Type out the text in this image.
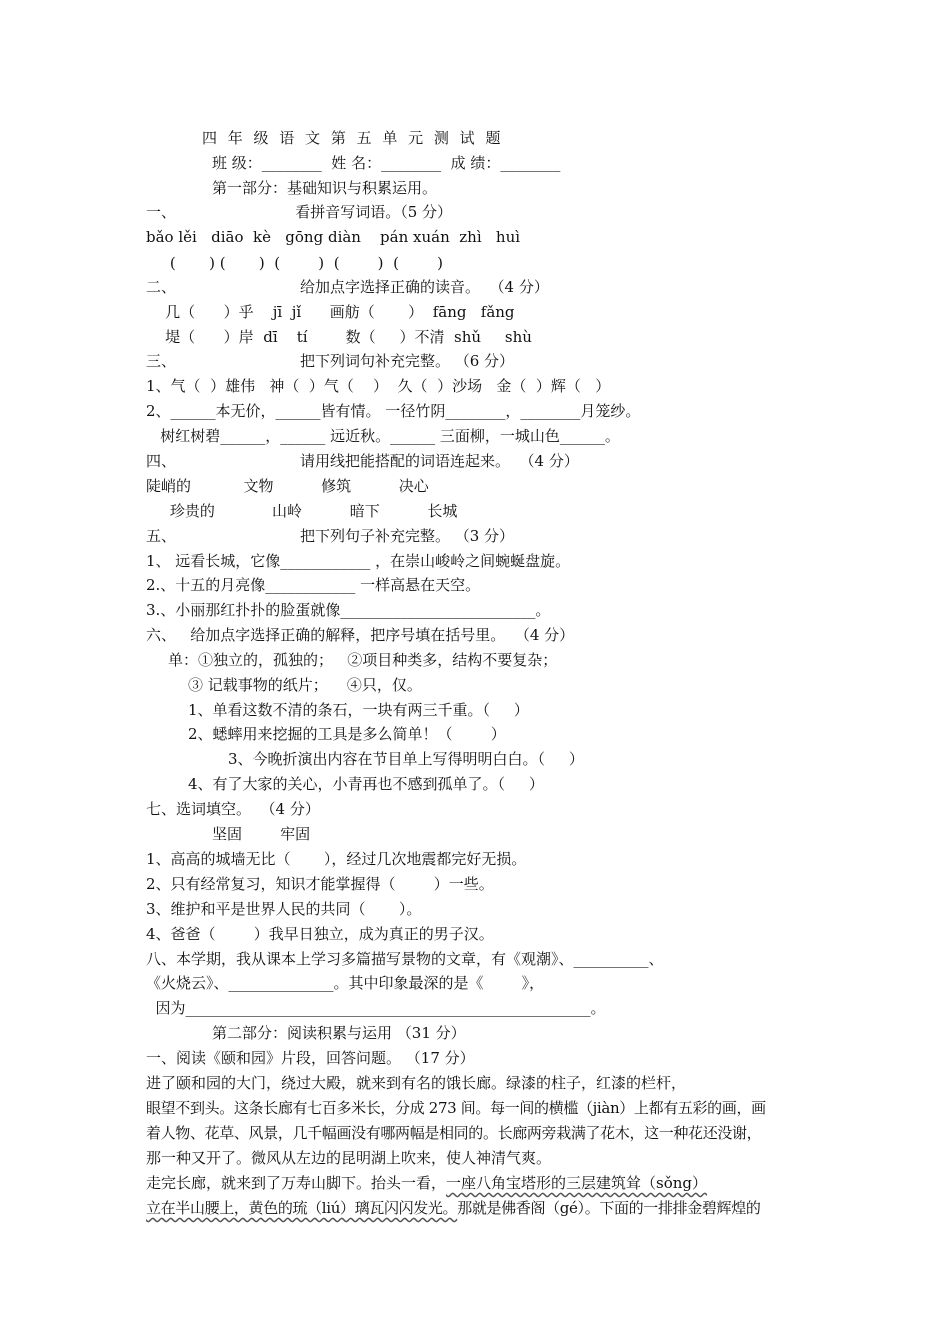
四 年 级 语 文 第 五 单 元 测 试 题
班 级：________  姓 名：________  成 绩：________
第一部分：基础知识与积累运用。
一、                         看拼音写词语。（5 分）
bǎo lěi   diāo  kè   gōng diàn    pán xuán  zhì   huì
(       ) (       )  (        )  (        )  (        )
二、                          给加点字选择正确的读音。  （4 分）
几（      ）乎    jī  jǐ      画舫（       ）  fāng   fǎng
堤（      ）岸  dī    tí        数（     ）不清  shǔ     shù
三、                          把下列词句补充完整。 （6 分）
1、气（  ）雄伟   神（  ）气（    ）  久（  ）沙场   金（  ）辉（   ）
2、______本无价，______皆有情。 一径竹阴________，________月笼纱。
树红树碧______，______ 远近秋。______ 三面柳，一城山色______。
四、                          请用线把能搭配的词语连起来。  （4 分）
陡峭的           文物          修筑          决心
珍贵的            山岭          暗下          长城
五、                          把下列句子补充完整。 （3 分）
1、 远看长城，它像____________ ，在崇山峻岭之间蜿蜒盘旋。
2.、十五的月亮像____________ 一样高悬在天空。
3.、小丽那红扑扑的脸蛋就像__________________________。
六、   给加点字选择正确的解释，把序号填在括号里。  （4 分）
单：①独立的，孤独的；   ②项目种类多，结构不要复杂；
③ 记载事物的纸片；    ④只，仅。
1、单看这数不清的条石，一块有两三千重。（     ）
2、蟋蟀用来挖掘的工具是多么简单！（        ）
3、今晚折演出内容在节目单上写得明明白白。（     ）
4、有了大家的关心，小青再也不感到孤单了。（     ）
七、选词填空。  （4 分）
坚固        牢固
1、高高的城墙无比（       ），经过几次地震都完好无损。
2、只有经常复习，知识才能掌握得（        ）一些。
3、维护和平是世界人民的共同（       ）。
4、爸爸（        ）我早日独立，成为真正的男子汉。
八、本学期，我从课本上学习多篇描写景物的文章，有《观潮》、__________、
《火烧云》、______________。其中印象最深的是《        》，
因为______________________________________________________。
第二部分：阅读积累与运用 （31 分）
一、阅读《颐和园》片段，回答问题。 （17 分）
进了颐和园的大门，绕过大殿，就来到有名的饿长廊。绿漆的柱子，红漆的栏杆，
眼望不到头。这条长廊有七百多米长，分成 273 间。每一间的横槛（jiàn）上都有五彩的画，画
着人物、花草、风景，几千幅画没有哪两幅是相同的。长廊两旁栽满了花木，这一种花还没谢，
那一种又开了。微风从左边的昆明湖上吹来，使人神清气爽。
走完长廊，就来到了万寿山脚下。抬头一看，一座八角宝塔形的三层建筑耸（sǒng）
立在半山腰上，黄色的琉（liú）璃瓦闪闪发光。那就是佛香阁（gé）。下面的一排排金碧辉煌的
